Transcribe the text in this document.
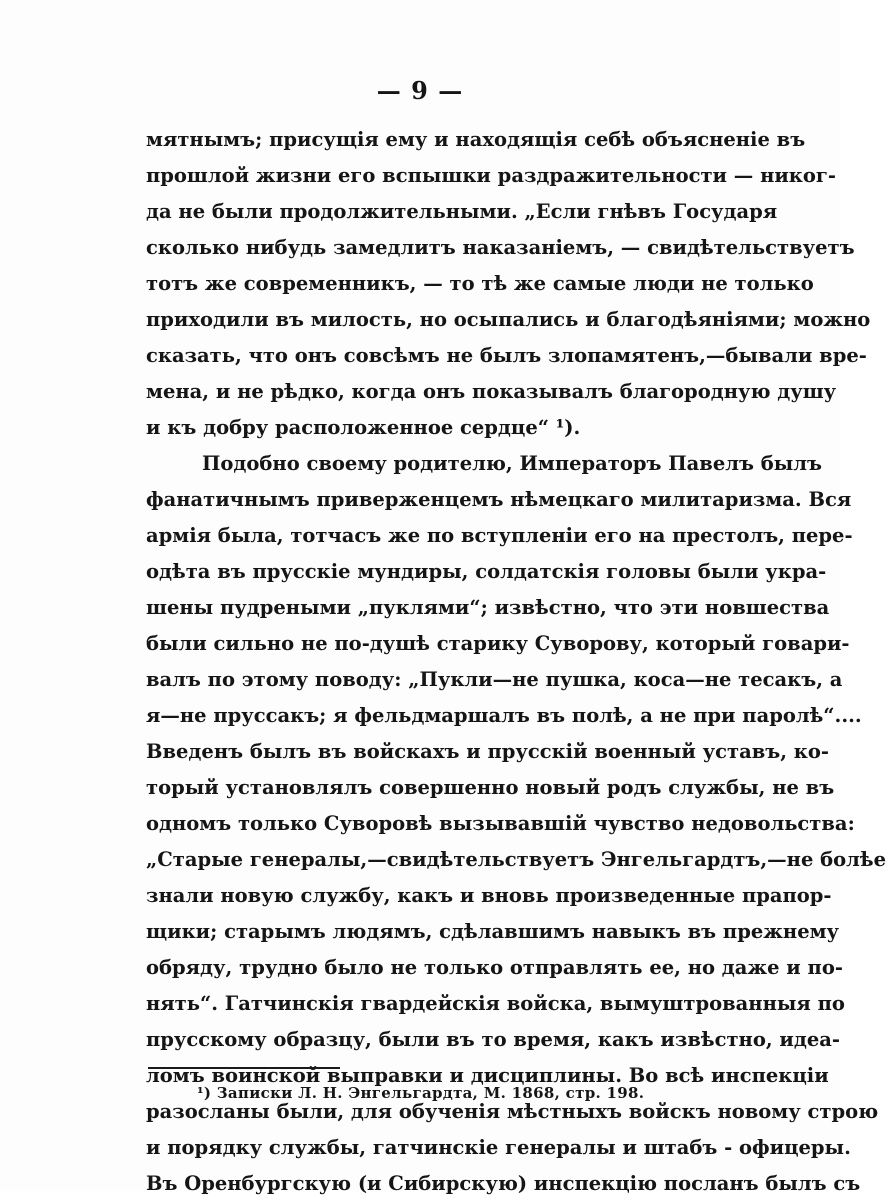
— 9 —
мятнымъ; присущія ему и находящія себѣ объясненіе въ
прошлой жизни его вспышки раздражительности — никог-
да не были продолжительными. „Если гнѣвъ Государя
сколько нибудь замедлитъ наказаніемъ, — свидѣтельствуетъ
тотъ же современникъ, — то тѣ же самые люди не только
приходили въ милость, но осыпались и благодѣяніями; можно
сказать, что онъ совсѣмъ не былъ злопамятенъ,—бывали вре-
мена, и не рѣдко, когда онъ показывалъ благородную душу
и къ добру расположенное сердце“ ¹).
Подобно своему родителю, Императоръ Павелъ былъ
фанатичнымъ приверженцемъ нѣмецкаго милитаризма. Вся
армія была, тотчасъ же по вступленіи его на престолъ, пере-
одѣта въ прусскіе мундиры, солдатскія головы были укра-
шены пудреными „пуклями“; извѣстно, что эти новшества
были сильно не по-душѣ старику Суворову, который говари-
валъ по этому поводу: „Пукли—не пушка, коса—не тесакъ, а
я—не пруссакъ; я фельдмаршалъ въ полѣ, а не при паролѣ“....
Введенъ былъ въ войскахъ и прусскій военный уставъ, ко-
торый установлялъ совершенно новый родъ службы, не въ
одномъ только Суворовѣ вызывавшій чувство недовольства:
„Старые генералы,—свидѣтельствуетъ Энгельгардтъ,—не болѣе
знали новую службу, какъ и вновь произведенные прапор-
щики; старымъ людямъ, сдѣлавшимъ навыкъ въ прежнему
обряду, трудно было не только отправлять ее, но даже и по-
нять“. Гатчинскія гвардейскія войска, вымуштрованныя по
прусскому образцу, были въ то время, какъ извѣстно, идеа-
ломъ воинской выправки и дисциплины. Во всѣ инспекціи
разосланы были, для обученія мѣстныхъ войскъ новому строю
и порядку службы, гатчинскіе генералы и штабъ - офицеры.
Въ Оренбургскую (и Сибирскую) инспекцію посланъ былъ съ
¹) Записки Л. Н. Энгельгардта, М. 1868, стр. 198.
